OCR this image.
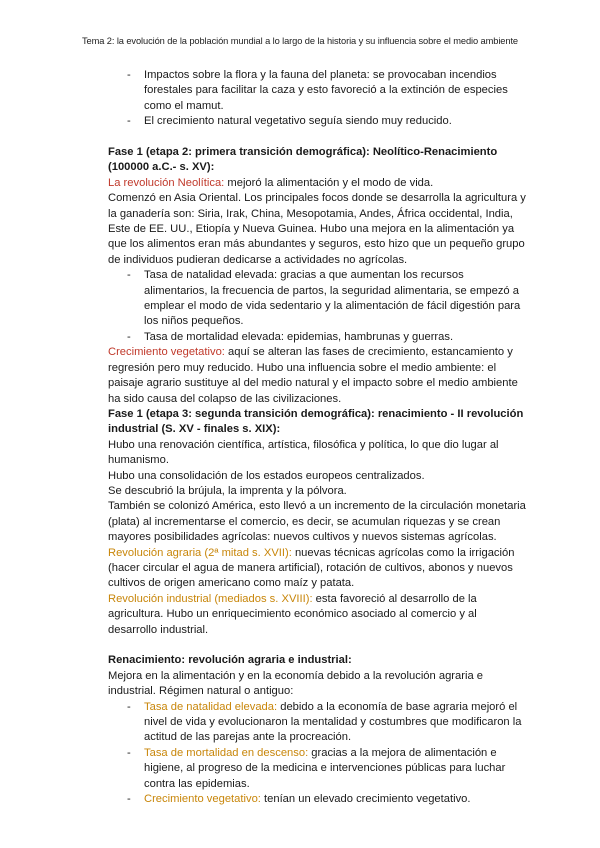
Tema 2: la evolución de la población mundial a lo largo de la historia y su influencia sobre el medio ambiente
- Impactos sobre la flora y la fauna del planeta: se provocaban incendios forestales para facilitar la caza y esto favoreció a la extinción de especies como el mamut.
- El crecimiento natural vegetativo seguía siendo muy reducido.

Fase 1 (etapa 2: primera transición demográfica): Neolítico-Renacimiento (100000 a.C.- s. XV):

La revolución Neolítica: mejoró la alimentación y el modo de vida.

Comenzó en Asia Oriental. Los principales focos donde se desarrolla la agricultura y la ganadería son: Siria, Irak, China, Mesopotamia, Andes, África occidental, India, Este de EE. UU., Etiopía y Nueva Guinea. Hubo una mejora en la alimentación ya que los alimentos eran más abundantes y seguros, esto hizo que un pequeño grupo de individuos pudieran dedicarse a actividades no agrícolas.

- Tasa de natalidad elevada: gracias a que aumentan los recursos alimentarios, la frecuencia de partos, la seguridad alimentaria, se empezó a emplear el modo de vida sedentario y la alimentación de fácil digestión para los niños pequeños.
- Tasa de mortalidad elevada: epidemias, hambrunas y guerras.

Crecimiento vegetativo: aquí se alteran las fases de crecimiento, estancamiento y regresión pero muy reducido. Hubo una influencia sobre el medio ambiente: el paisaje agrario sustituye al del medio natural y el impacto sobre el medio ambiente ha sido causa del colapso de las civilizaciones.

Fase 1 (etapa 3: segunda transición demográfica): renacimiento - II revolución industrial (S. XV - finales s. XIX):

Hubo una renovación científica, artística, filosófica y política, lo que dio lugar al humanismo.

Hubo una consolidación de los estados europeos centralizados.

Se descubrió la brújula, la imprenta y la pólvora.

También se colonizó América, esto llevó a un incremento de la circulación monetaria (plata) al incrementarse el comercio, es decir, se acumulan riquezas y se crean mayores posibilidades agrícolas: nuevos cultivos y nuevos sistemas agrícolas.

Revolución agraria (2ª mitad s. XVII): nuevas técnicas agrícolas como la irrigación (hacer circular el agua de manera artificial), rotación de cultivos, abonos y nuevos cultivos de origen americano como maíz y patata.

Revolución industrial (mediados s. XVIII): esta favoreció al desarrollo de la agricultura. Hubo un enriquecimiento económico asociado al comercio y al desarrollo industrial.

Renacimiento: revolución agraria e industrial:

Mejora en la alimentación y en la economía debido a la revolución agraria e industrial. Régimen natural o antiguo:

- Tasa de natalidad elevada: debido a la economía de base agraria mejoró el nivel de vida y evolucionaron la mentalidad y costumbres que modificaron la actitud de las parejas ante la procreación.
- Tasa de mortalidad en descenso: gracias a la mejora de alimentación e higiene, al progreso de la medicina e intervenciones públicas para luchar contra las epidemias.
- Crecimiento vegetativo: tenían un elevado crecimiento vegetativo.
